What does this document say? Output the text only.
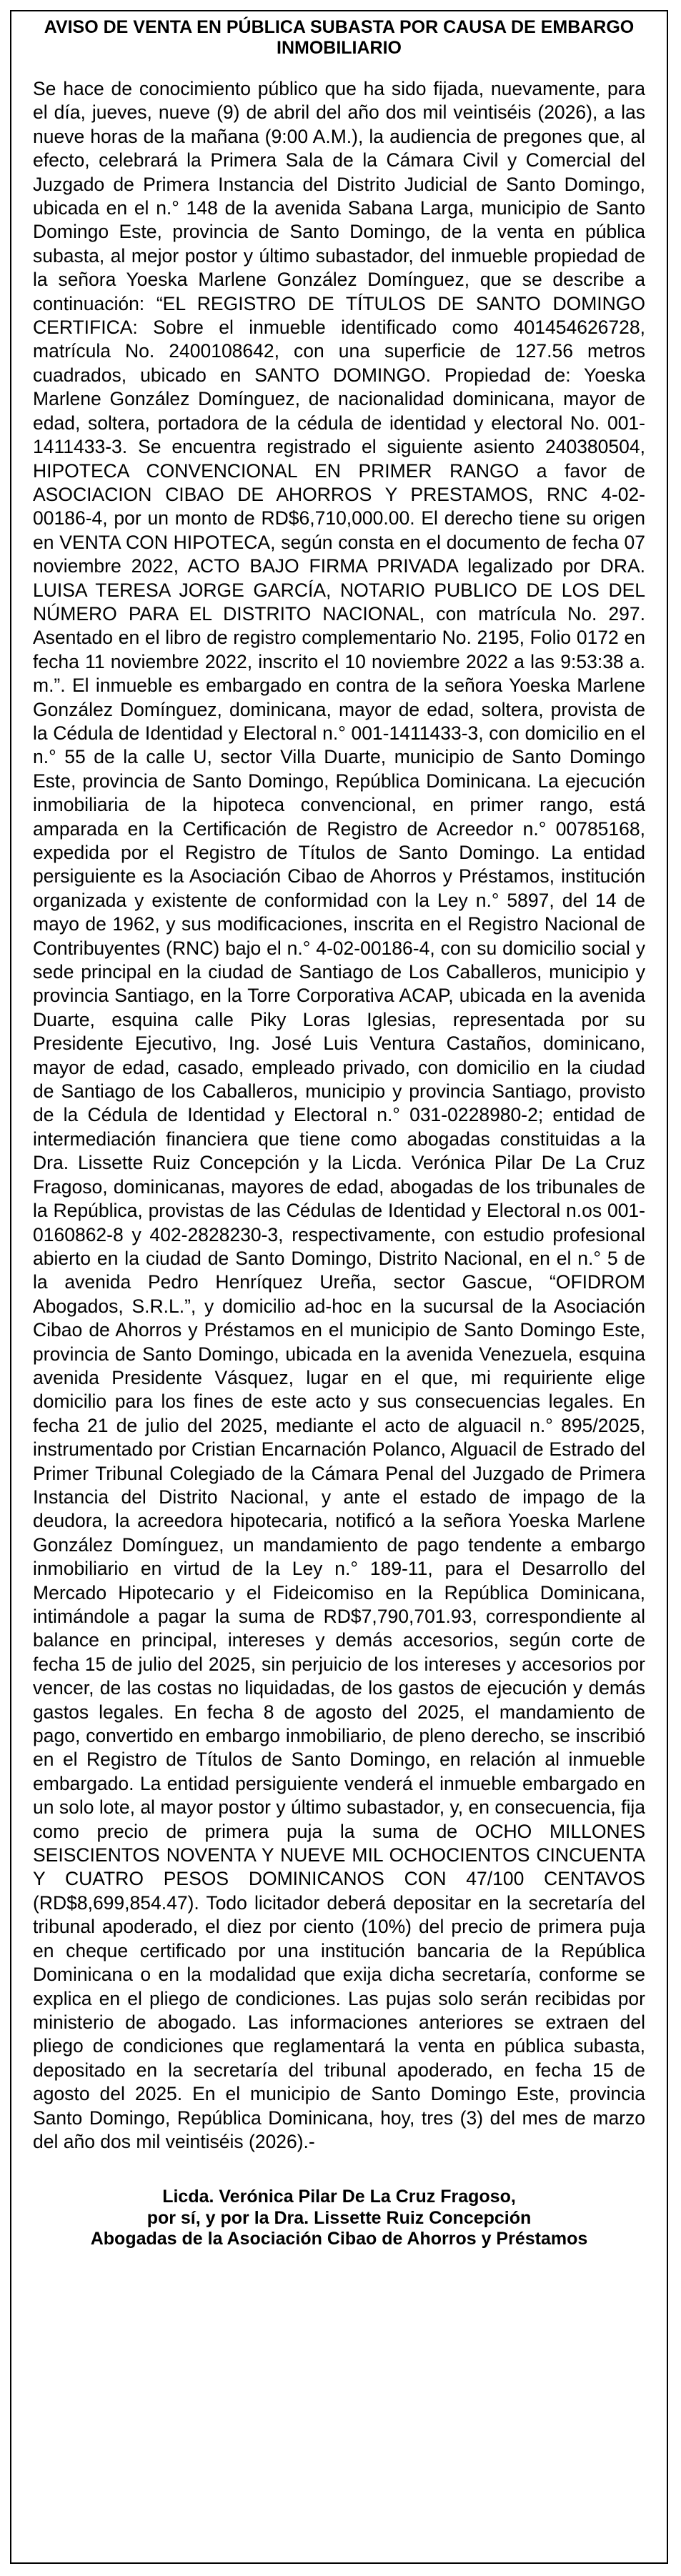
AVISO DE VENTA EN PÚBLICA SUBASTA POR CAUSA DE EMBARGO INMOBILIARIO

Se hace de conocimiento público que ha sido fijada, nuevamente, para el día, jueves, nueve (9) de abril del año dos mil veintiséis (2026), a las nueve horas de la mañana (9:00 A.M.), la audiencia de pregones que, al efecto, celebrará la Primera Sala de la Cámara Civil y Comercial del Juzgado de Primera Instancia del Distrito Judicial de Santo Domingo, ubicada en el n.° 148 de la avenida Sabana Larga, municipio de Santo Domingo Este, provincia de Santo Domingo, de la venta en pública subasta, al mejor postor y último subastador, del inmueble propiedad de la señora Yoeska Marlene González Domínguez, que se describe a continuación: “EL REGISTRO DE TÍTULOS DE SANTO DOMINGO CERTIFICA: Sobre el inmueble identificado como 401454626728, matrícula No. 2400108642, con una superficie de 127.56 metros cuadrados, ubicado en SANTO DOMINGO. Propiedad de: Yoeska Marlene González Domínguez, de nacionalidad dominicana, mayor de edad, soltera, portadora de la cédula de identidad y electoral No. 001-1411433-3. Se encuentra registrado el siguiente asiento 240380504, HIPOTECA CONVENCIONAL EN PRIMER RANGO a favor de ASOCIACION CIBAO DE AHORROS Y PRESTAMOS, RNC 4-02-00186-4, por un monto de RD$6,710,000.00. El derecho tiene su origen en VENTA CON HIPOTECA, según consta en el documento de fecha 07 noviembre 2022, ACTO BAJO FIRMA PRIVADA legalizado por DRA. LUISA TERESA JORGE GARCÍA, NOTARIO PUBLICO DE LOS DEL NÚMERO PARA EL DISTRITO NACIONAL, con matrícula No. 297. Asentado en el libro de registro complementario No. 2195, Folio 0172 en fecha 11 noviembre 2022, inscrito el 10 noviembre 2022 a las 9:53:38 a. m.”. El inmueble es embargado en contra de la señora Yoeska Marlene González Domínguez, dominicana, mayor de edad, soltera, provista de la Cédula de Identidad y Electoral n.° 001-1411433-3, con domicilio en el n.° 55 de la calle U, sector Villa Duarte, municipio de Santo Domingo Este, provincia de Santo Domingo, República Dominicana. La ejecución inmobiliaria de la hipoteca convencional, en primer rango, está amparada en la Certificación de Registro de Acreedor n.° 00785168, expedida por el Registro de Títulos de Santo Domingo. La entidad persiguiente es la Asociación Cibao de Ahorros y Préstamos, institución organizada y existente de conformidad con la Ley n.° 5897, del 14 de mayo de 1962, y sus modificaciones, inscrita en el Registro Nacional de Contribuyentes (RNC) bajo el n.° 4-02-00186-4, con su domicilio social y sede principal en la ciudad de Santiago de Los Caballeros, municipio y provincia Santiago, en la Torre Corporativa ACAP, ubicada en la avenida Duarte, esquina calle Piky Loras Iglesias, representada por su Presidente Ejecutivo, Ing. José Luis Ventura Castaños, dominicano, mayor de edad, casado, empleado privado, con domicilio en la ciudad de Santiago de los Caballeros, municipio y provincia Santiago, provisto de la Cédula de Identidad y Electoral n.° 031-0228980-2; entidad de intermediación financiera que tiene como abogadas constituidas a la Dra. Lissette Ruiz Concepción y la Licda. Verónica Pilar De La Cruz Fragoso, dominicanas, mayores de edad, abogadas de los tribunales de la República, provistas de las Cédulas de Identidad y Electoral n.os 001-0160862-8 y 402-2828230-3, respectivamente, con estudio profesional abierto en la ciudad de Santo Domingo, Distrito Nacional, en el n.° 5 de la avenida Pedro Henríquez Ureña, sector Gascue, “OFIDROM Abogados, S.R.L.”, y domicilio ad-hoc en la sucursal de la Asociación Cibao de Ahorros y Préstamos en el municipio de Santo Domingo Este, provincia de Santo Domingo, ubicada en la avenida Venezuela, esquina avenida Presidente Vásquez, lugar en el que, mi requiriente elige domicilio para los fines de este acto y sus consecuencias legales. En fecha 21 de julio del 2025, mediante el acto de alguacil n.° 895/2025, instrumentado por Cristian Encarnación Polanco, Alguacil de Estrado del Primer Tribunal Colegiado de la Cámara Penal del Juzgado de Primera Instancia del Distrito Nacional, y ante el estado de impago de la deudora, la acreedora hipotecaria, notificó a la señora Yoeska Marlene González Domínguez, un mandamiento de pago tendente a embargo inmobiliario en virtud de la Ley n.° 189-11, para el Desarrollo del Mercado Hipotecario y el Fideicomiso en la República Dominicana, intimándole a pagar la suma de RD$7,790,701.93, correspondiente al balance en principal, intereses y demás accesorios, según corte de fecha 15 de julio del 2025, sin perjuicio de los intereses y accesorios por vencer, de las costas no liquidadas, de los gastos de ejecución y demás gastos legales. En fecha 8 de agosto del 2025, el mandamiento de pago, convertido en embargo inmobiliario, de pleno derecho, se inscribió en el Registro de Títulos de Santo Domingo, en relación al inmueble embargado. La entidad persiguiente venderá el inmueble embargado en un solo lote, al mayor postor y último subastador, y, en consecuencia, fija como precio de primera puja la suma de OCHO MILLONES SEISCIENTOS NOVENTA Y NUEVE MIL OCHOCIENTOS CINCUENTA Y CUATRO PESOS DOMINICANOS CON 47/100 CENTAVOS (RD$8,699,854.47). Todo licitador deberá depositar en la secretaría del tribunal apoderado, el diez por ciento (10%) del precio de primera puja en cheque certificado por una institución bancaria de la República Dominicana o en la modalidad que exija dicha secretaría, conforme se explica en el pliego de condiciones. Las pujas solo serán recibidas por ministerio de abogado. Las informaciones anteriores se extraen del pliego de condiciones que reglamentará la venta en pública subasta, depositado en la secretaría del tribunal apoderado, en fecha 15 de agosto del 2025. En el municipio de Santo Domingo Este, provincia Santo Domingo, República Dominicana, hoy, tres (3) del mes de marzo del año dos mil veintiséis (2026).-

Licda. Verónica Pilar De La Cruz Fragoso,
por sí, y por la Dra. Lissette Ruiz Concepción
Abogadas de la Asociación Cibao de Ahorros y Préstamos
